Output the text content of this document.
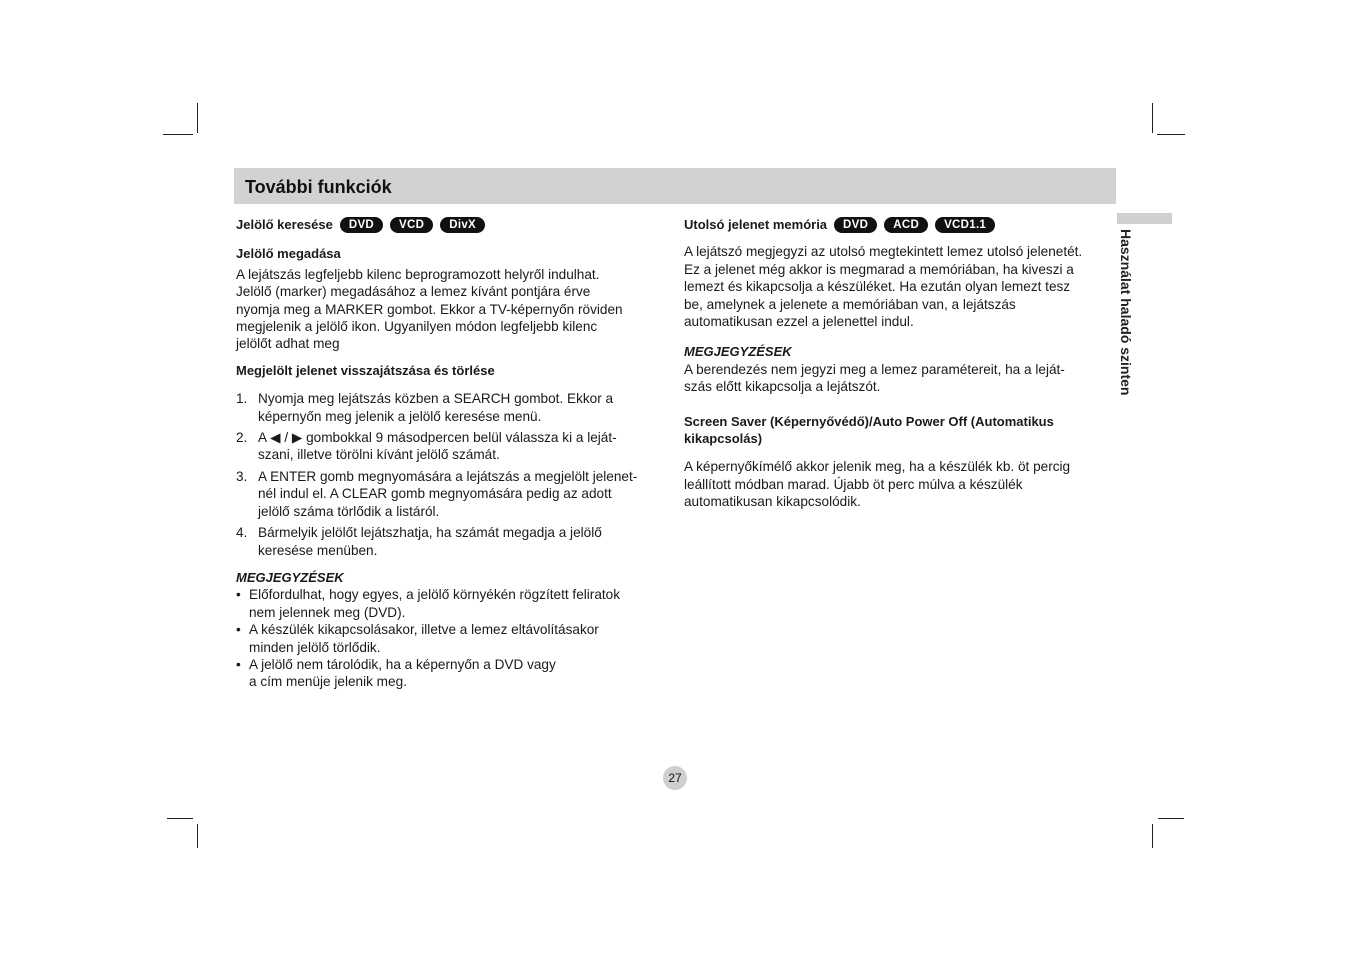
További funkciók
Használat haladó szinten
Jelölő keresése	DVD	VCD	DivX
Jelölő megadása

A lejátszás legfeljebb kilenc beprogramozott helyről indulhat.

Jelölő (marker) megadásához a lemez kívánt pontjára érve

nyomja meg a MARKER gombot. Ekkor a TV-képernyőn röviden

megjelenik a jelölő ikon. Ugyanilyen módon legfeljebb kilenc

jelölőt adhat meg

Megjelölt jelenet visszajátszása és törlése
1. Nyomja meg lejátszás közben a SEARCH gombot. Ekkor a

képernyőn meg jelenik a jelölő keresése menü.

2. A ◀ / ▶ gombokkal 9 másodpercen belül válassza ki a leját-

szani, illetve törölni kívánt jelölő számát.

3. A ENTER gomb megnyomására a lejátszás a megjelölt jelenet-

nél indul el. A CLEAR gomb megnyomására pedig az adott

jelölő száma törlődik a listáról.

4. Bármelyik jelölőt lejátszhatja, ha számát megadja a jelölő

keresése menüben.

MEGJEGYZÉSEK
• Előfordulhat, hogy egyes, a jelölő környékén rögzített feliratok

nem jelennek meg (DVD).

• A készülék kikapcsolásakor, illetve a lemez eltávolításakor

minden jelölő törlődik.

• A jelölő nem tárolódik, ha a képernyőn a DVD vagy

a cím menüje jelenik meg.

Utolsó jelenet memória	DVD	ACD	VCD1.1

A lejátszó megjegyzi az utolsó megtekintett lemez utolsó jelenetét.

Ez a jelenet még akkor is megmarad a memóriában, ha kiveszi a

lemezt és kikapcsolja a készüléket. Ha ezután olyan lemezt tesz

be, amelynek a jelenete a memóriában van, a lejátszás

automatikusan ezzel a jelenettel indul.

MEGJEGYZÉSEK

A berendezés nem jegyzi meg a lemez paramétereit, ha a leját-

szás előtt kikapcsolja a lejátszót.

Screen Saver (Képernyővédő)/Auto Power Off (Automatikus

kikapcsolás)

A képernyőkímélő akkor jelenik meg, ha a készülék kb. öt percig

leállított módban marad. Újabb öt perc múlva a készülék

automatikusan kikapcsolódik.

27
